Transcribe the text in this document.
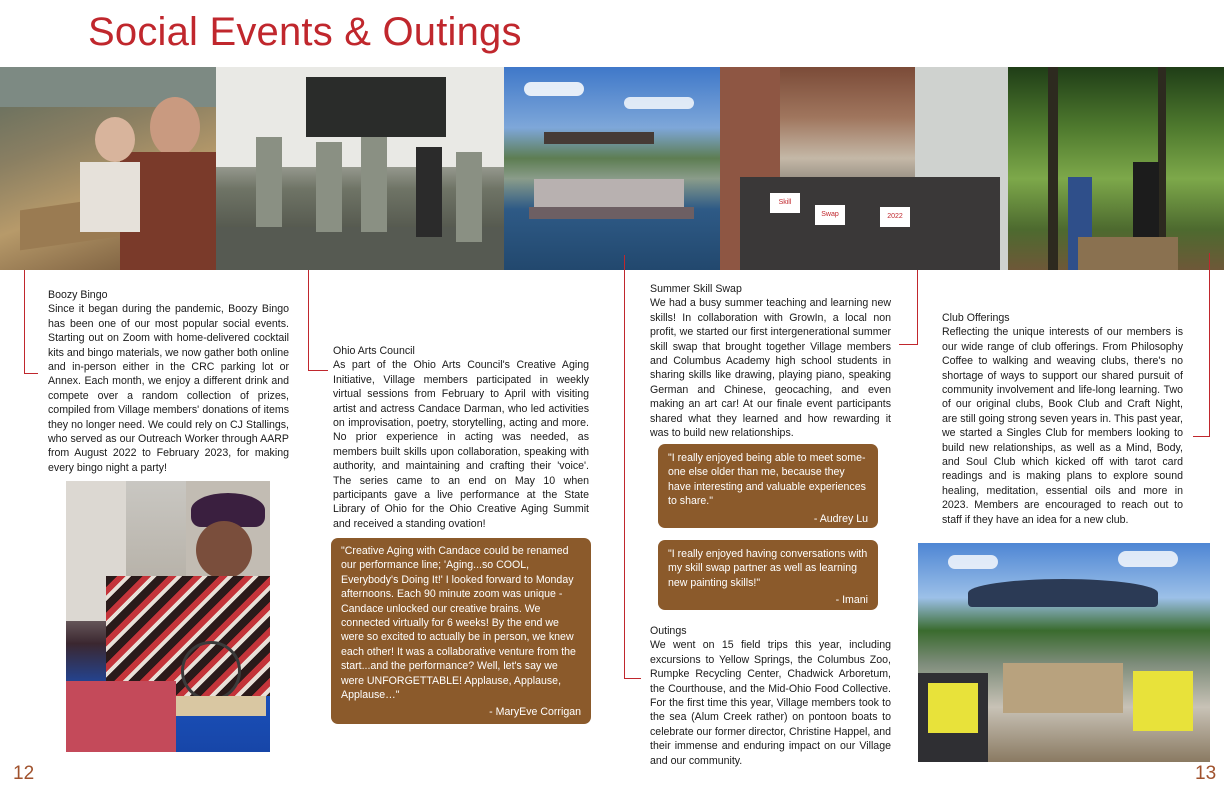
Social Events & Outings
Skill
Swap	2022
Boozy Bingo
Since it began during the pandemic, Boozy Bingo has been one of our most popular social events. Starting out on Zoom with home-delivered cocktail kits and bingo materials, we now gather both online and in-person either in the CRC parking lot or Annex. Each month, we enjoy a different drink and compete over a random collection of prizes, compiled from Village members' donations of items they no longer need. We could rely on CJ Stallings, who served as our Outreach Worker through AARP from August 2022 to February 2023, for making every bingo night a party!
Ohio Arts Council
As part of the Ohio Arts Council's Creative Aging Initiative, Village members participated in weekly virtual sessions from February to April with visiting artist and actress Candace Darman, who led activities on improvisation, poetry, storytelling, acting and more. No prior experience in acting was needed, as members built skills upon collaboration, speaking with authority, and maintaining and crafting their 'voice'. The series came to an end on May 10 when participants gave a live performance at the State Library of Ohio for the Ohio Creative Aging Summit and received a standing ovation!
Summer Skill Swap
We had a busy summer teaching and learning new skills! In collaboration with GrowIn, a local non profit, we started our first intergenerational summer skill swap that brought together Village members and Columbus Academy high school students in sharing skills like drawing, playing piano, speaking German and Chinese, geocaching, and even making an art car! At our finale event participants shared what they learned and how rewarding it was to build new relationships.
Club Offerings
Reflecting the unique interests of our members is our wide range of club offerings. From Philosophy Coffee to walking and weaving clubs, there's no shortage of ways to support our shared pursuit of community involvement and life-long learning. Two of our original clubs, Book Club and Craft Night, are still going strong seven years in. This past year, we started a Singles Club for members looking to build new relationships, as well as a Mind, Body, and Soul Club which kicked off with tarot card readings and is making plans to explore sound healing, meditation, essential oils and more in 2023. Members are encouraged to reach out to staff if they have an idea for a new club.
Outings
We went on 15 field trips this year, including excursions to Yellow Springs, the Columbus Zoo, Rumpke Recycling Center, Chadwick Arboretum, the Courthouse, and the Mid-Ohio Food Collective. For the first time this year, Village members took to the sea (Alum Creek rather) on pontoon boats to celebrate our former director, Christine Happel, and their immense and enduring impact on our Village and our community.
"Creative Aging with Candace could be renamed our performance line; 'Aging...so COOL, Everybody's Doing It!' I looked forward to Monday afternoons. Each 90 minute zoom was unique - Candace unlocked our creative brains. We connected virtually for 6 weeks! By the end we were so excited to actually be in person, we knew each other! It was a collaborative venture from the start...and the performance? Well, let's say we were UNFORGETTABLE! Applause, Applause, Applause…"
- MaryEve Corrigan
"I really enjoyed being able to meet some-one else older than me, because they have interesting and valuable experiences to share."
- Audrey Lu
"I really enjoyed having conversations with my skill swap partner as well as learning new painting skills!"
- Imani
12	13
